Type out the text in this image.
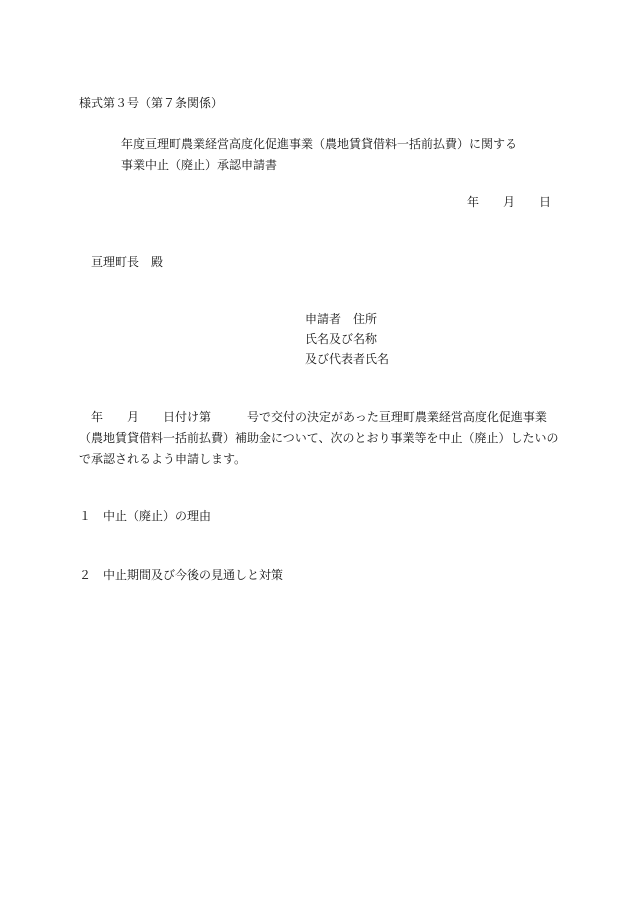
様式第３号（第７条関係）
年度亘理町農業経営高度化促進事業（農地賃貸借料一括前払費）に関する
事業中止（廃止）承認申請書
年　　月　　日
亘理町長　殿
申請者　住所
氏名及び名称
及び代表者氏名
　年　　月　　日付け第　　　号で交付の決定があった亘理町農業経営高度化促進事業
（農地賃貸借料一括前払費）補助金について、次のとおり事業等を中止（廃止）したいの
で承認されるよう申請します。
１　 中止（廃止）の理由
２　 中止期間及び今後の見通しと対策
